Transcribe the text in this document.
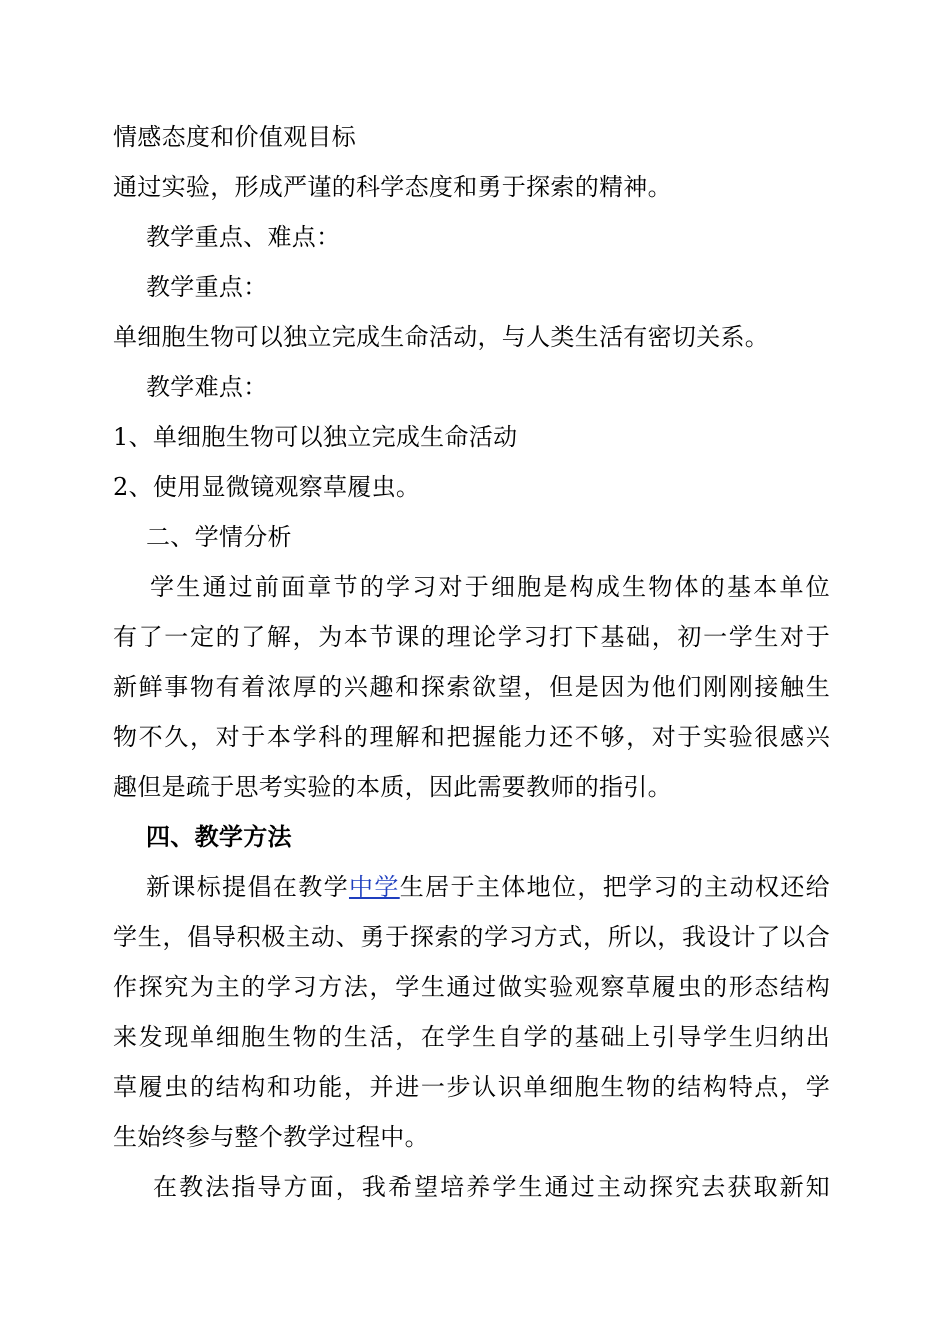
情感态度和价值观目标
通过实验，形成严谨的科学态度和勇于探索的精神。
教学重点、难点：
教学重点：
单细胞生物可以独立完成生命活动，与人类生活有密切关系。
教学难点：
1、单细胞生物可以独立完成生命活动
2、使用显微镜观察草履虫。
二、学情分析
学生通过前面章节的学习对于细胞是构成生物体的基本单位
有了一定的了解，为本节课的理论学习打下基础，初一学生对于
新鲜事物有着浓厚的兴趣和探索欲望，但是因为他们刚刚接触生
物不久，对于本学科的理解和把握能力还不够，对于实验很感兴
趣但是疏于思考实验的本质，因此需要教师的指引。
四、教学方法
新课标提倡在教学中学生居于主体地位，把学习的主动权还给
学生，倡导积极主动、勇于探索的学习方式，所以，我设计了以合
作探究为主的学习方法，学生通过做实验观察草履虫的形态结构
来发现单细胞生物的生活，在学生自学的基础上引导学生归纳出
草履虫的结构和功能，并进一步认识单细胞生物的结构特点，学
生始终参与整个教学过程中。
在教法指导方面，我希望培养学生通过主动探究去获取新知
